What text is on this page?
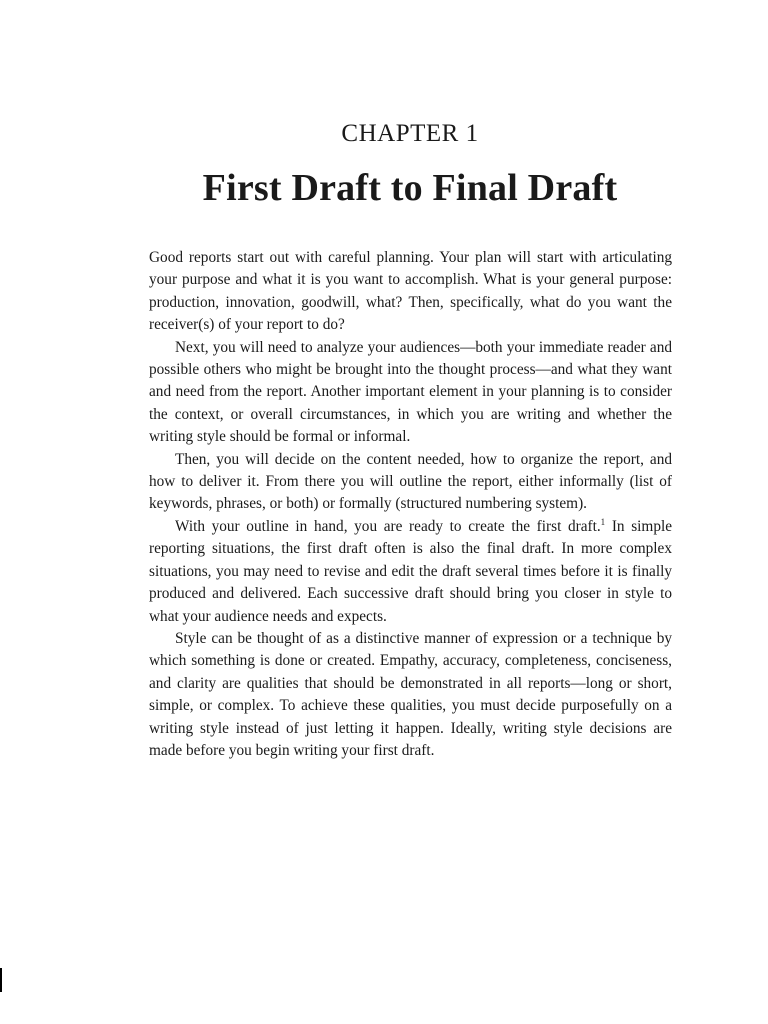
CHAPTER 1
First Draft to Final Draft

Good reports start out with careful planning. Your plan will start with articulating your purpose and what it is you want to accomplish. What is your general purpose: production, innovation, goodwill, what? Then, specifically, what do you want the receiver(s) of your report to do?

Next, you will need to analyze your audiences—both your immediate reader and possible others who might be brought into the thought process—and what they want and need from the report. Another important element in your planning is to consider the context, or overall circumstances, in which you are writing and whether the writing style should be formal or informal.

Then, you will decide on the content needed, how to organize the report, and how to deliver it. From there you will outline the report, either informally (list of keywords, phrases, or both) or formally (structured numbering system).

With your outline in hand, you are ready to create the first draft.$^1$ In simple reporting situations, the first draft often is also the final draft. In more complex situations, you may need to revise and edit the draft several times before it is finally produced and delivered. Each successive draft should bring you closer in style to what your audience needs and expects.

Style can be thought of as a distinctive manner of expression or a technique by which something is done or created. Empathy, accuracy, completeness, conciseness, and clarity are qualities that should be demonstrated in all reports—long or short, simple, or complex. To achieve these qualities, you must decide purposefully on a writing style instead of just letting it happen. Ideally, writing style decisions are made before you begin writing your first draft.
